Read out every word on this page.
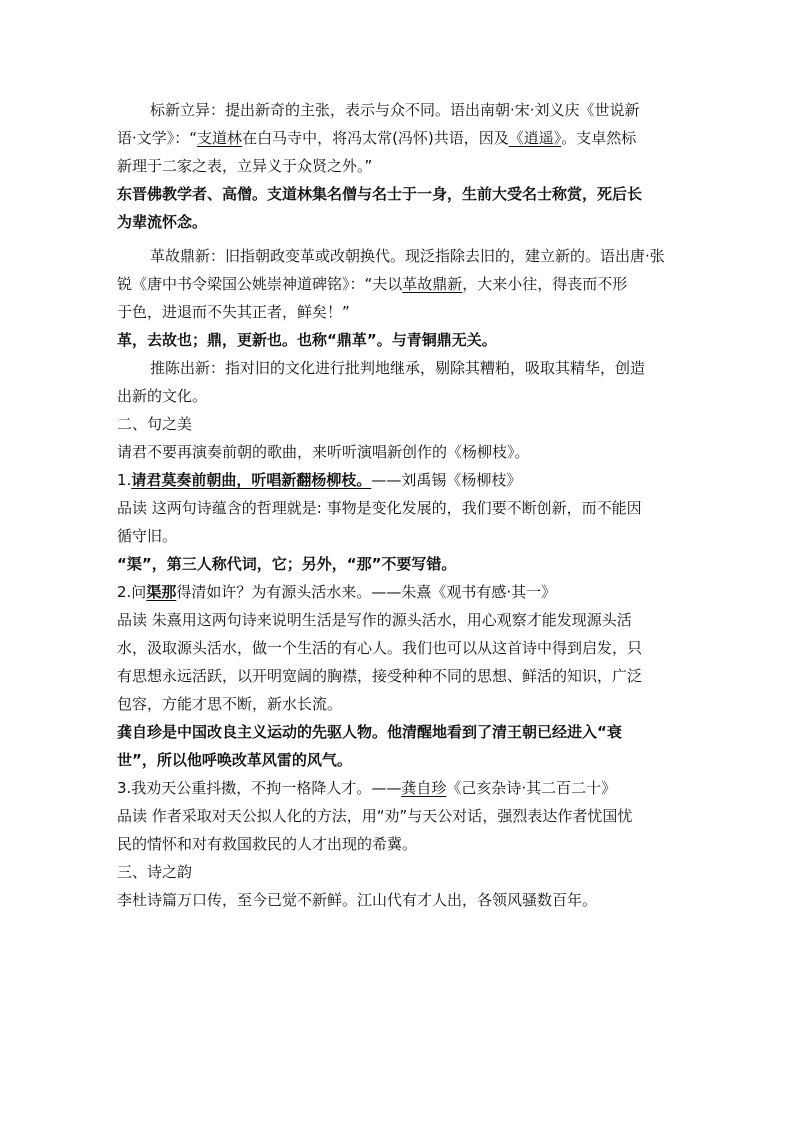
标新立异：提出新奇的主张，表示与众不同。语出南朝·宋·刘义庆《世说新
语·文学》：“支道林在白马寺中，将冯太常(冯怀)共语，因及《逍遥》。支卓然标
新理于二家之表，立异义于众贤之外。”
东晋佛教学者、高僧。支道林集名僧与名士于一身，生前大受名士称赏，死后长
为辈流怀念。
革故鼎新：旧指朝政变革或改朝换代。现泛指除去旧的，建立新的。语出唐·张
锐《唐中书令梁国公姚崇神道碑铭》：“夫以革故鼎新，大来小往，得丧而不形
于色，进退而不失其正者，鲜矣！”
革，去故也；鼎，更新也。也称“鼎革”。与青铜鼎无关。
推陈出新：指对旧的文化进行批判地继承，剔除其糟粕，吸取其精华，创造
出新的文化。
二、句之美
请君不要再演奏前朝的歌曲，来听听演唱新创作的《杨柳枝》。
1.请君莫奏前朝曲，听唱新翻杨柳枝。——刘禹锡《杨柳枝》
品读 这两句诗蕴含的哲理就是: 事物是变化发展的，我们要不断创新，而不能因
循守旧。
“渠”，第三人称代词，它；另外，“那”不要写错。
2.问渠那得清如许？为有源头活水来。——朱熹《观书有感·其一》
品读 朱熹用这两句诗来说明生活是写作的源头活水，用心观察才能发现源头活
水，汲取源头活水，做一个生活的有心人。我们也可以从这首诗中得到启发，只
有思想永远活跃，以开明宽阔的胸襟，接受种种不同的思想、鲜活的知识，广泛
包容，方能才思不断，新水长流。
龚自珍是中国改良主义运动的先驱人物。他清醒地看到了清王朝已经进入“衰
世”，所以他呼唤改革风雷的风气。
3.我劝天公重抖擞，不拘一格降人才。——龚自珍《己亥杂诗·其二百二十》
品读 作者采取对天公拟人化的方法，用“劝”与天公对话，强烈表达作者忧国忧
民的情怀和对有救国救民的人才出现的希冀。
三、诗之韵
李杜诗篇万口传，至今已觉不新鲜。江山代有才人出，各领风骚数百年。
